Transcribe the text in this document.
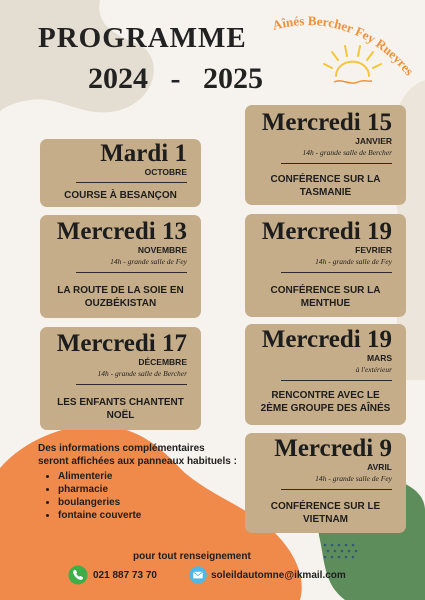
PROGRAMME
2024   -   2025
Aînés Bercher Fey Rueyres
Mardi 1
OCTOBRE
COURSE À BESANÇON
Mercredi 13
NOVEMBRE
14h - grande salle de Fey
LA ROUTE DE LA SOIE EN OUZBÉKISTAN
Mercredi 17
DÉCEMBRE
14h - grande salle de Bercher
LES ENFANTS CHANTENT NOËL
Mercredi 15
JANVIER
14h - grande salle de Bercher
CONFÉRENCE SUR LA TASMANIE
Mercredi 19
FEVRIER
14h - grande salle de Fey
CONFÉRENCE SUR LA MENTHUE
Mercredi 19
MARS
à l'extérieur
RENCONTRE AVEC LE 2ÈME GROUPE DES AÎNÉS
Mercredi 9
AVRIL
14h - grande salle de Fey
CONFÉRENCE SUR LE VIETNAM
Des informations complémentaires seront affichées aux panneaux habituels :
• Alimenterie
• pharmacie
• boulangeries
• fontaine couverte
pour tout renseignement
021 887 73 70	soleildautomne@ikmail.com
